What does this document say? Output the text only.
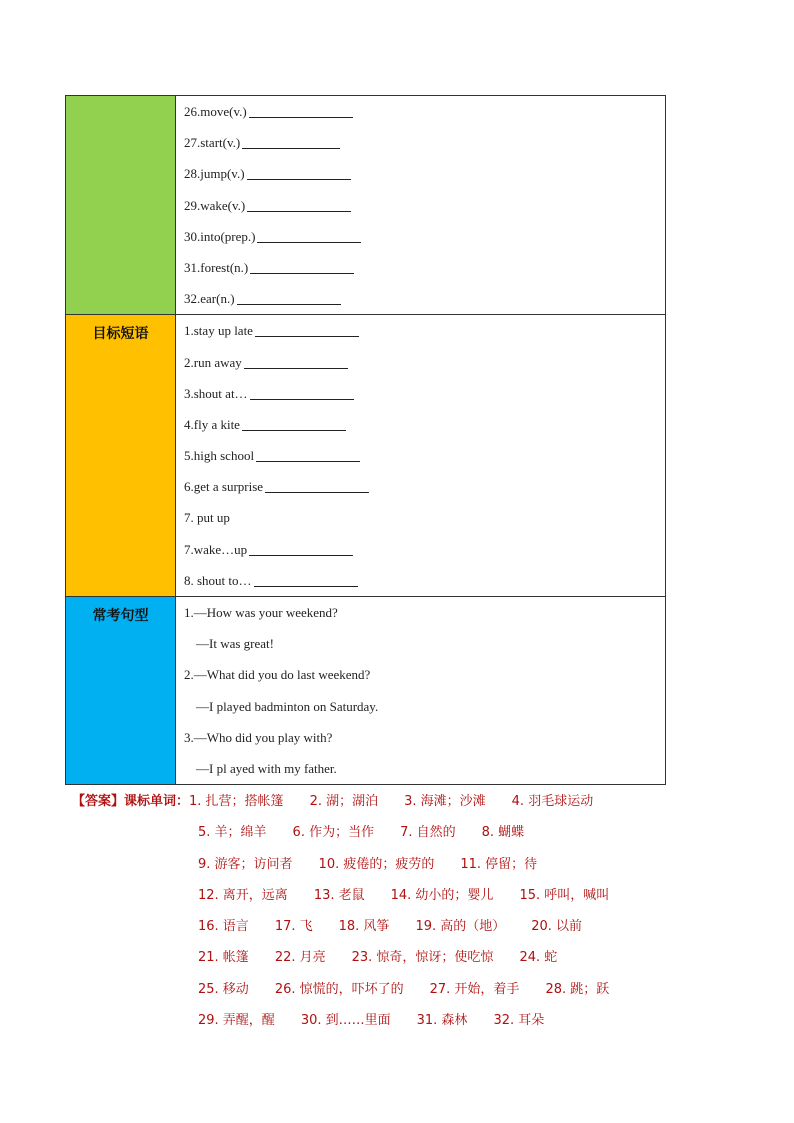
26.move(v.)
27.start(v.)
28.jump(v.)
29.wake(v.)
30.into(prep.)
31.forest(n.)
32.ear(n.)
目标短语	1.stay up late
2.run away
3.shout at…
4.fly a kite
5.high school
6.get a surprise
7. put up
7.wake…up
8. shout to…
常考句型	1.—How was your weekend?
—It was great!
2.—What did you do last weekend?
—I played badminton on Saturday.
3.—Who did you play with?
—I pl ayed with my father.
【答案】课标单词：1. 扎营；搭帐篷 2. 湖；湖泊 3. 海滩；沙滩 4. 羽毛球运动
5. 羊；绵羊 6. 作为；当作 7. 自然的 8. 蝴蝶
9. 游客；访问者 10. 疲倦的；疲劳的 11. 停留；待
12. 离开，远离 13. 老鼠 14. 幼小的；婴儿 15. 呼叫，喊叫
16. 语言 17. 飞 18. 风筝 19. 高的（地） 20. 以前
21. 帐篷 22. 月亮 23. 惊奇，惊讶；使吃惊 24. 蛇
25. 移动 26. 惊慌的，吓坏了的 27. 开始，着手 28. 跳；跃
29. 弄醒，醒 30. 到……里面 31. 森林 32. 耳朵
